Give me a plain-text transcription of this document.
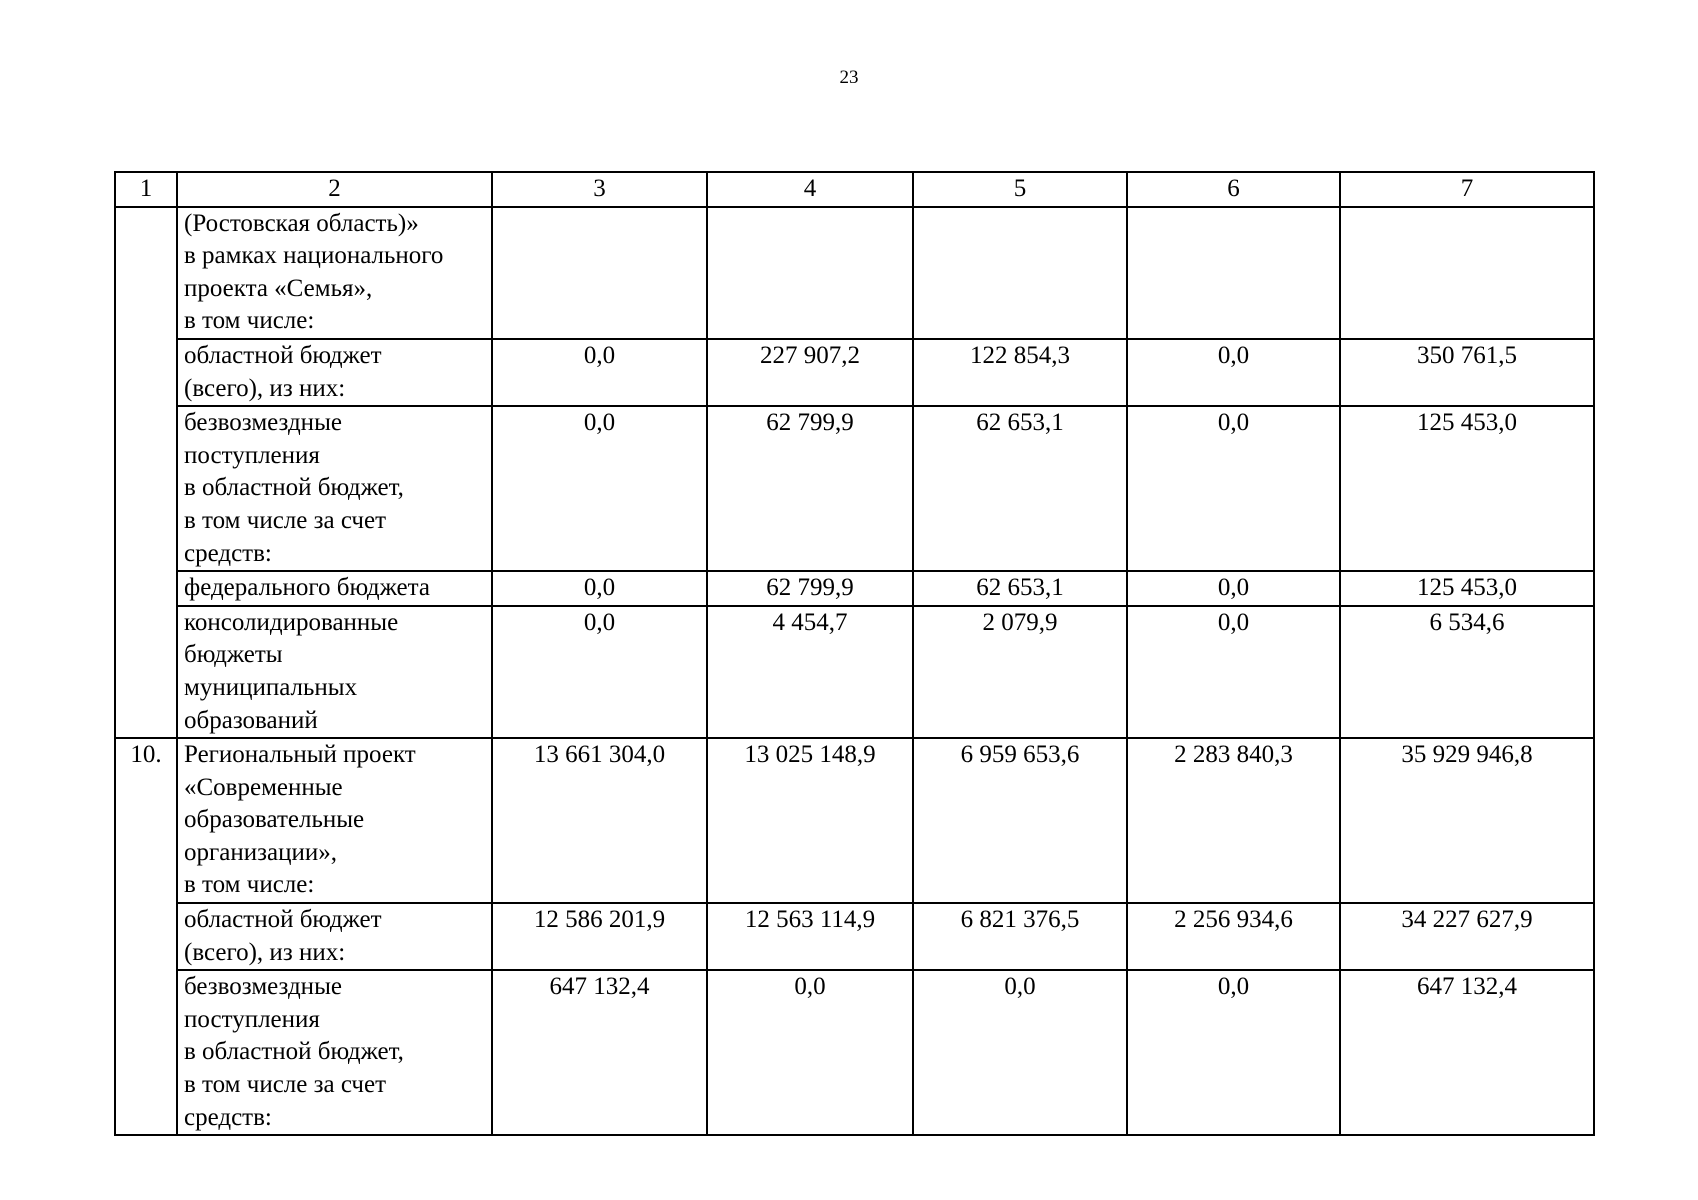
23
1	2	3	4	5	6	7

	(Ростовская область)»
в рамках национального
проекта «Семья»,
в том числе:					

	областной бюджет
(всего), из них:	0,0	227 907,2	122 854,3	0,0	350 761,5

	безвозмездные
поступления
в областной бюджет,
в том числе за счет
средств:	0,0	62 799,9	62 653,1	0,0	125 453,0

	федерального бюджета	0,0	62 799,9	62 653,1	0,0	125 453,0

	консолидированные
бюджеты
муниципальных
образований	0,0	4 454,7	2 079,9	0,0	6 534,6
10.	Региональный проект
«Современные
образовательные
организации»,
в том числе:	13 661 304,0	13 025 148,9	6 959 653,6	2 283 840,3	35 929 946,8

	областной бюджет
(всего), из них:	12 586 201,9	12 563 114,9	6 821 376,5	2 256 934,6	34 227 627,9

	безвозмездные
поступления
в областной бюджет,
в том числе за счет
средств:	647 132,4	0,0	0,0	0,0	647 132,4
